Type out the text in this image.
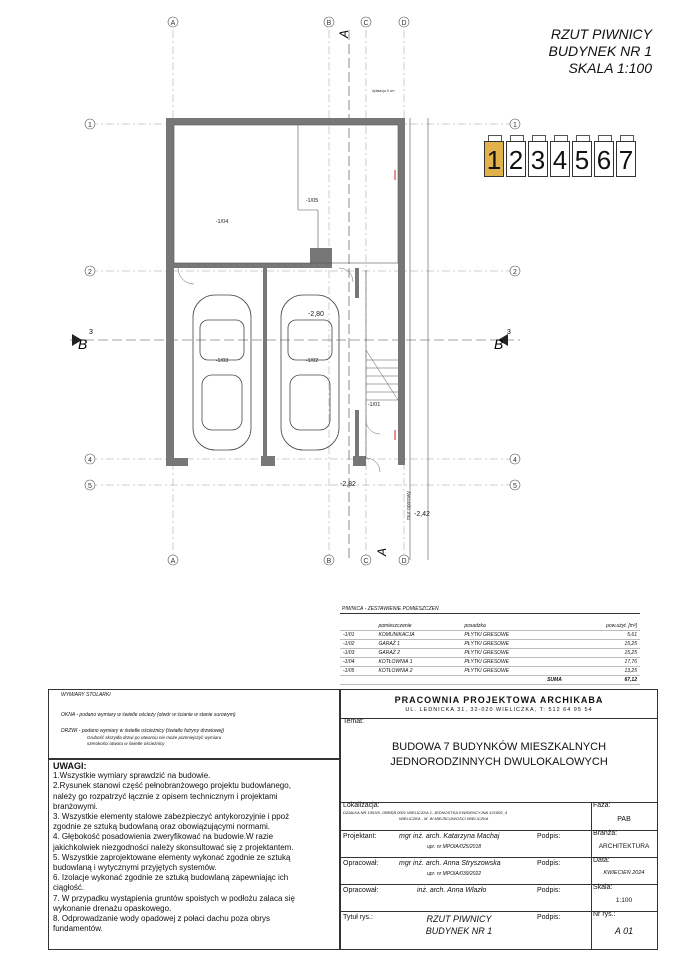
RZUT PIWNICY
BUDYNEK NR 1
SKALA 1:100
1 2 3 4 5 6 7
A	B	C	D
A	B	C	D
1	1
2	2
4	4
5	5
B
3
B
3
A
A
-1/04
-1/05
-1/03	-1/02
-1/01
-2,80
-2,82
-2,42
dylatacja 5 cm
mur oporowy
PIWNICA - ZESTAWIENIE POMIESZCZEŃ
	pomieszczenie	posadzka	pow.użyt. [m²]
-1/01	KOMUNIKACJA	PŁYTKI GRESOWE	5,61
-1/02	GARAŻ 1	PŁYTKI GRESOWE	15,25
-1/03	GARAŻ 2	PŁYTKI GRESOWE	15,25
-1/04	KOTŁOWNIA 1	PŁYTKI GRESOWE	17,76
-1/05	KOTŁOWNIA 2	PŁYTKI GRESOWE	13,25
		SUMA	67,12
WYMIARY STOLARKI
OKNA - podano wymiary w świetle ościeży (otwór w ścianie w stanie surowym)
DRZWI - podano wymiary w świetle ościeżnicy (światło futryny drzwiowej)
Grubość skrzydła drzwi po otwarciu nie może pomniejszyć wymiaru
szerokości otworu w świetle ościeżnicy
UWAGI:
1.Wszystkie wymiary sprawdzić na budowie.
2.Rysunek stanowi część pełnobranżowego projektu budowlanego,
należy go rozpatrzyć łącznie z opisem technicznym i projektami
branżowymi.
3. Wszystkie elementy stalowe zabezpieczyć antykorozyjnie i ppoż
zgodnie ze sztuką budowlaną oraz obowiązującymi normami.
4. Głębokość posadowienia zweryfikować na budowie.W razie
jakichkolwiek niezgodności należy skonsultować się z projektantem.
5. Wszystkie zaprojektowane elementy wykonać zgodnie ze sztuką
budowlaną i wytycznymi przyjętych systemów.
6. Izolacje wykonać zgodnie ze sztuką budowlaną zapewniając ich
ciągłość.
7. W przypadku wystąpienia gruntów spoistych w podłożu zalaca się
wykonanie drenażu opaskowego.
8. Odprowadzanie wody opadowej z połaci dachu poza obrys
fundamentów.
PRACOWNIA PROJEKTOWA ARCHIKABA
UL. LEDNICKA 31, 32-020 WIELICZKA, T: 512 64 95 54
Temat:
BUDOWA 7 BUDYNKÓW MIESZKALNYCH
JEDNORODZINNYCH DWULOKALOWYCH
Lokalizacja:
DZIAŁKA NR 1553/5, OBRĘB 0001 WIELICZKA 1, JEDNOSTKA EWIDENCYJNA 121905_4
WIELICZKA - M. W MIEJSCOWOŚCI WIELICZKA
Faza:
PAB
Projektant:	mgr inż. arch. Katarzyna Machaj
upr. nr MPOIA/025/2018
Podpis:	Branża:
ARCHITEKTURA
Opracował:	mgr inż. arch. Anna Stryszowska
upr. nr MPOIA/039/2022
Podpis:	Data:
KWIECIEŃ 2024
Opracował:	inż. arch. Anna Wlazło	Podpis:	Skala:
1:100
Tytuł rys.:	RZUT PIWNICY
BUDYNEK NR 1
Podpis:	Nr rys.:
A 01
